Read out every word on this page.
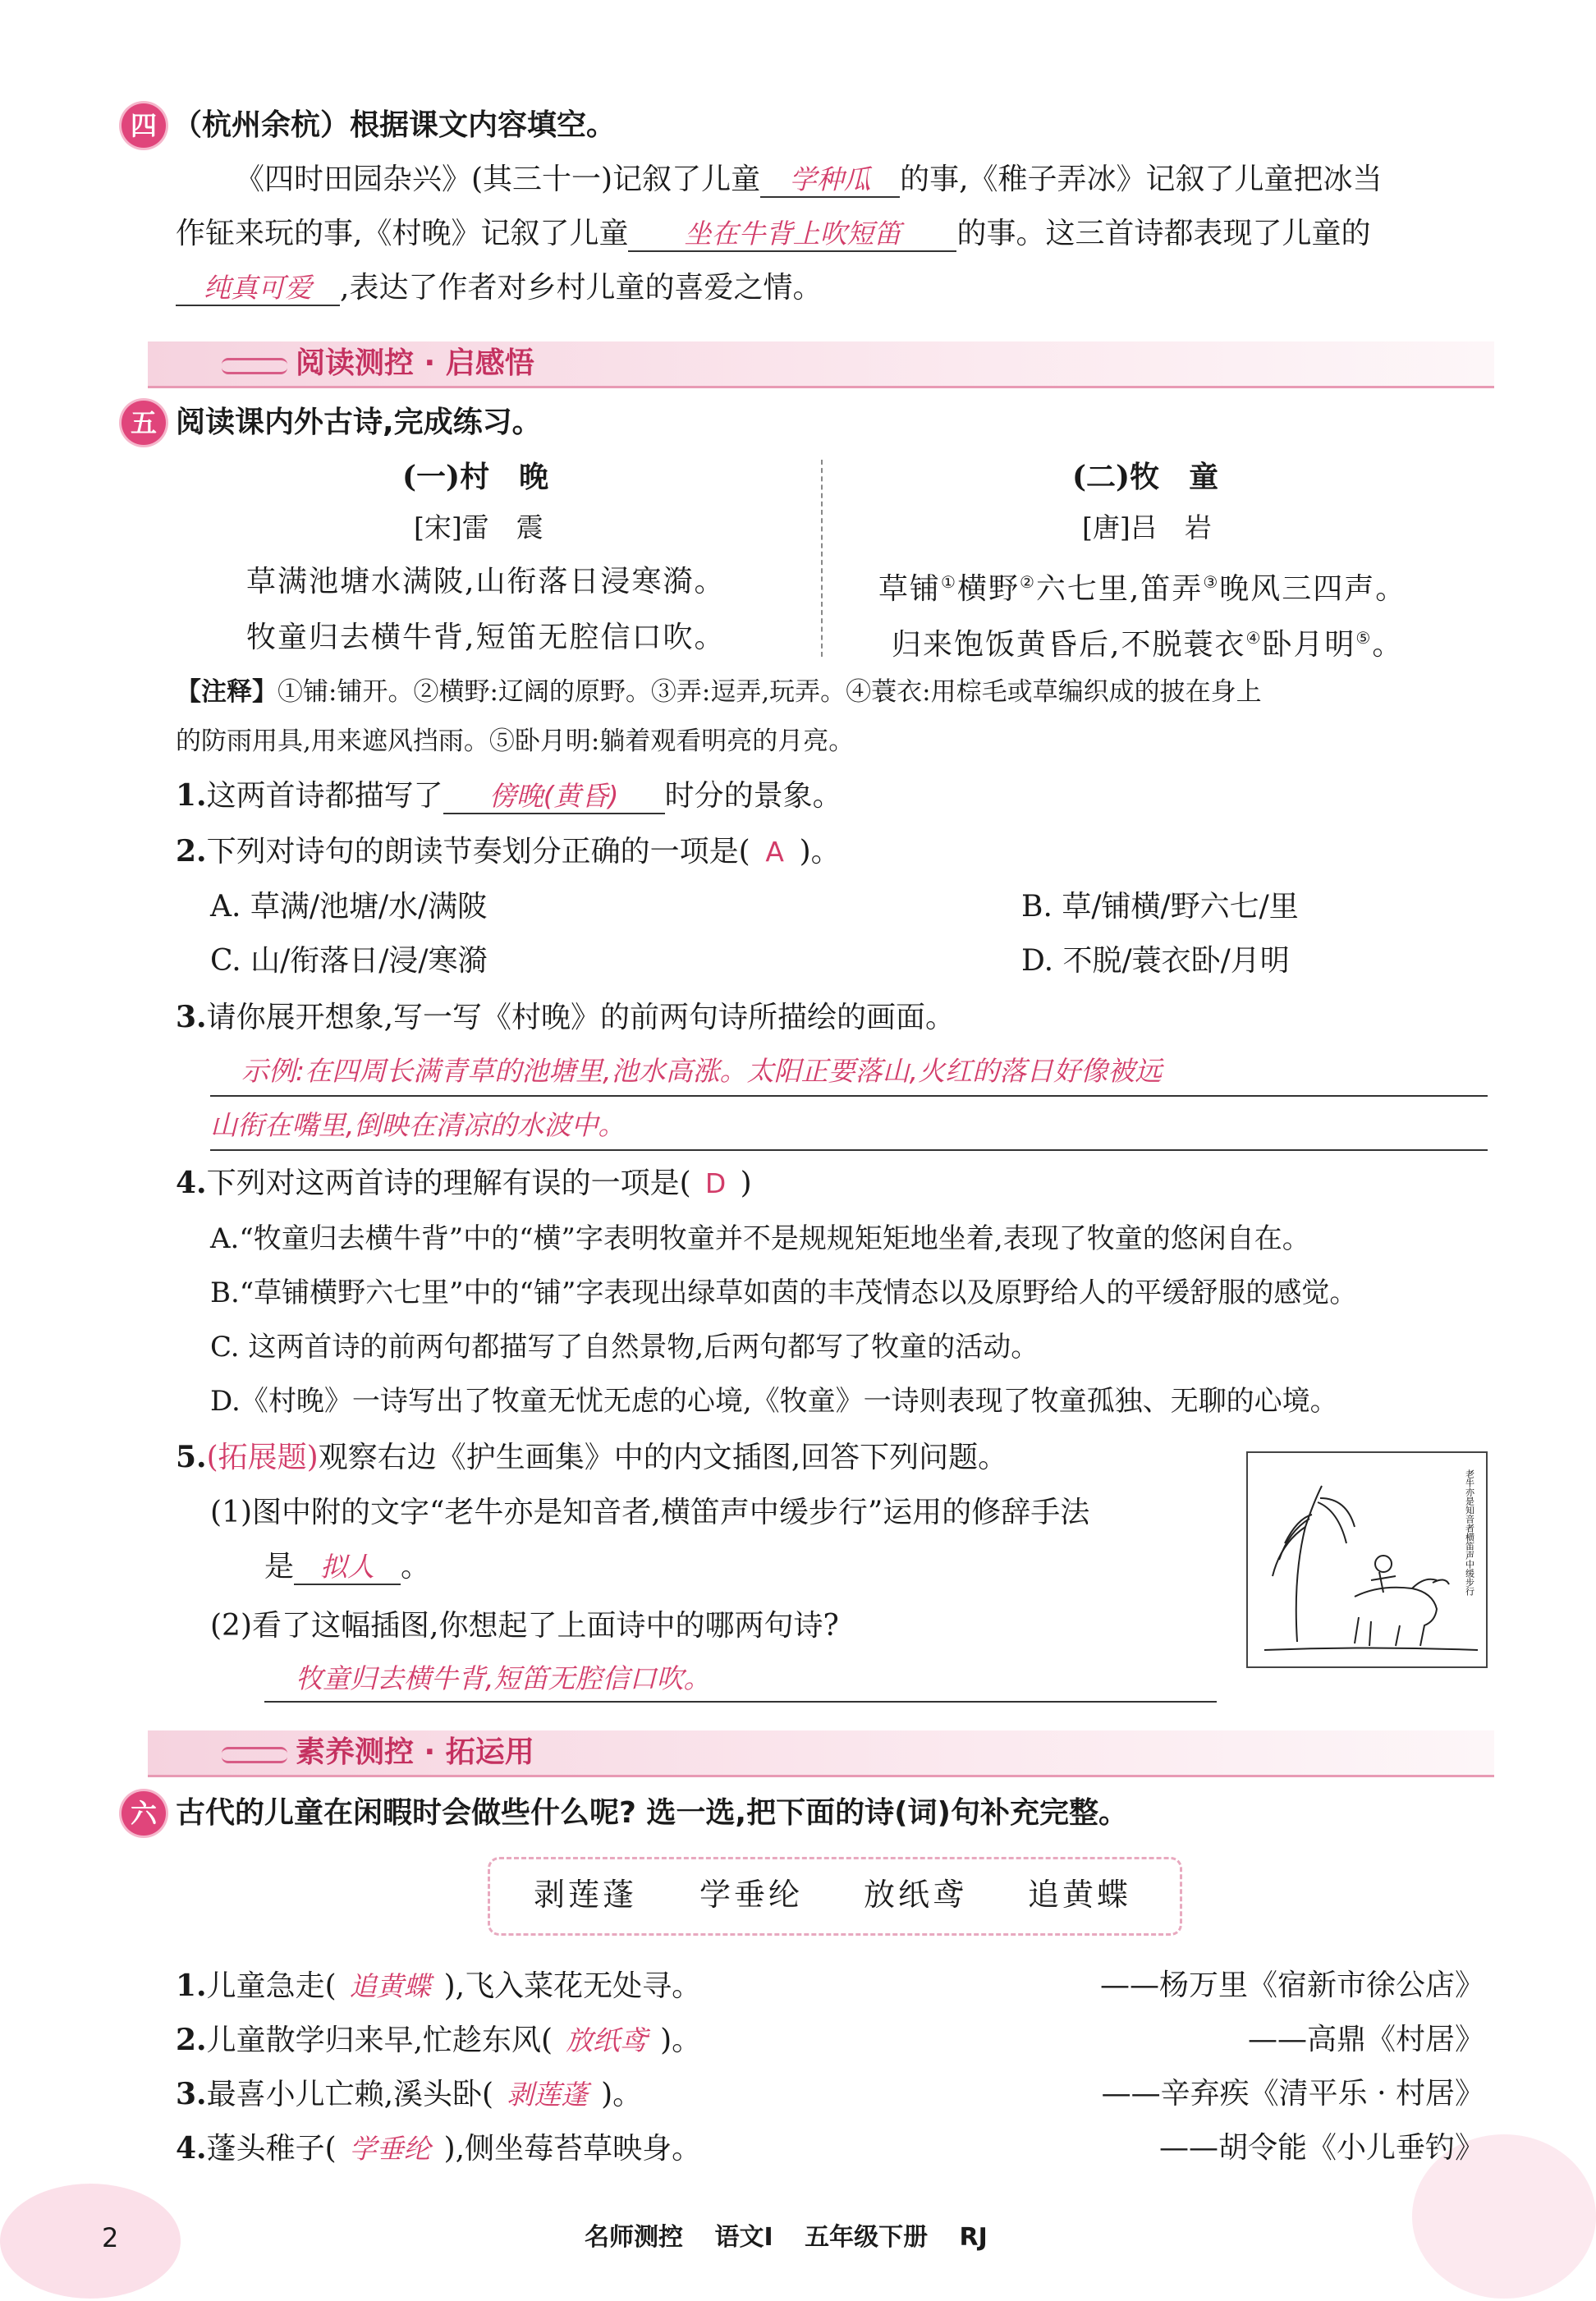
四 （杭州余杭）根据课文内容填空。
《四时田园杂兴》(其三十一)记叙了儿童 学种瓜 的事,《稚子弄冰》记叙了儿童把冰当
作钲来玩的事,《村晚》记叙了儿童 坐在牛背上吹短笛 的事。这三首诗都表现了儿童的
纯真可爱 ,表达了作者对乡村儿童的喜爱之情。
阅读测控 · 启感悟
五 阅读课内外古诗,完成练习。
(一)村　晚
[宋]雷　震
草满池塘水满陂,山衔落日浸寒漪。
牧童归去横牛背,短笛无腔信口吹。
(二)牧　童
[唐]吕　岩
草铺①横野②六七里,笛弄③晚风三四声。
归来饱饭黄昏后,不脱蓑衣④卧月明⑤。
【注释】①铺:铺开。②横野:辽阔的原野。③弄:逗弄,玩弄。④蓑衣:用棕毛或草编织成的披在身上
的防雨用具,用来遮风挡雨。⑤卧月明:躺着观看明亮的月亮。
1.这两首诗都描写了 傍晚(黄昏) 时分的景象。
2.下列对诗句的朗读节奏划分正确的一项是( A )。
A. 草满/池塘/水/满陂	B. 草/铺横/野六七/里
C. 山/衔落日/浸/寒漪	D. 不脱/蓑衣卧/月明
3.请你展开想象,写一写《村晚》的前两句诗所描绘的画面。
示例:在四周长满青草的池塘里,池水高涨。太阳正要落山,火红的落日好像被远
山衔在嘴里,倒映在清凉的水波中。
4.下列对这两首诗的理解有误的一项是( D )
A.“牧童归去横牛背”中的“横”字表明牧童并不是规规矩矩地坐着,表现了牧童的悠闲自在。
B.“草铺横野六七里”中的“铺”字表现出绿草如茵的丰茂情态以及原野给人的平缓舒服的感觉。
C. 这两首诗的前两句都描写了自然景物,后两句都写了牧童的活动。
D.《村晚》一诗写出了牧童无忧无虑的心境,《牧童》一诗则表现了牧童孤独、无聊的心境。
5.(拓展题)观察右边《护生画集》中的内文插图,回答下列问题。
(1)图中附的文字“老牛亦是知音者,横笛声中缓步行”运用的修辞手法
是 拟人 。
(2)看了这幅插图,你想起了上面诗中的哪两句诗?
牧童归去横牛背,短笛无腔信口吹。
老牛亦是知音者横笛声中缓步行
素养测控 · 拓运用
六 古代的儿童在闲暇时会做些什么呢? 选一选,把下面的诗(词)句补充完整。
剥莲蓬 学垂纶 放纸鸢 追黄蝶
1.儿童急走( 追黄蝶 ),飞入菜花无处寻。	——杨万里《宿新市徐公店》
2.儿童散学归来早,忙趁东风( 放纸鸢 )。	——高鼎《村居》
3.最喜小儿亡赖,溪头卧( 剥莲蓬 )。	——辛弃疾《清平乐 · 村居》
4.蓬头稚子( 学垂纶 ),侧坐莓苔草映身。	——胡令能《小儿垂钓》
2	名师测控 语文Ⅰ 五年级下册 RJ
